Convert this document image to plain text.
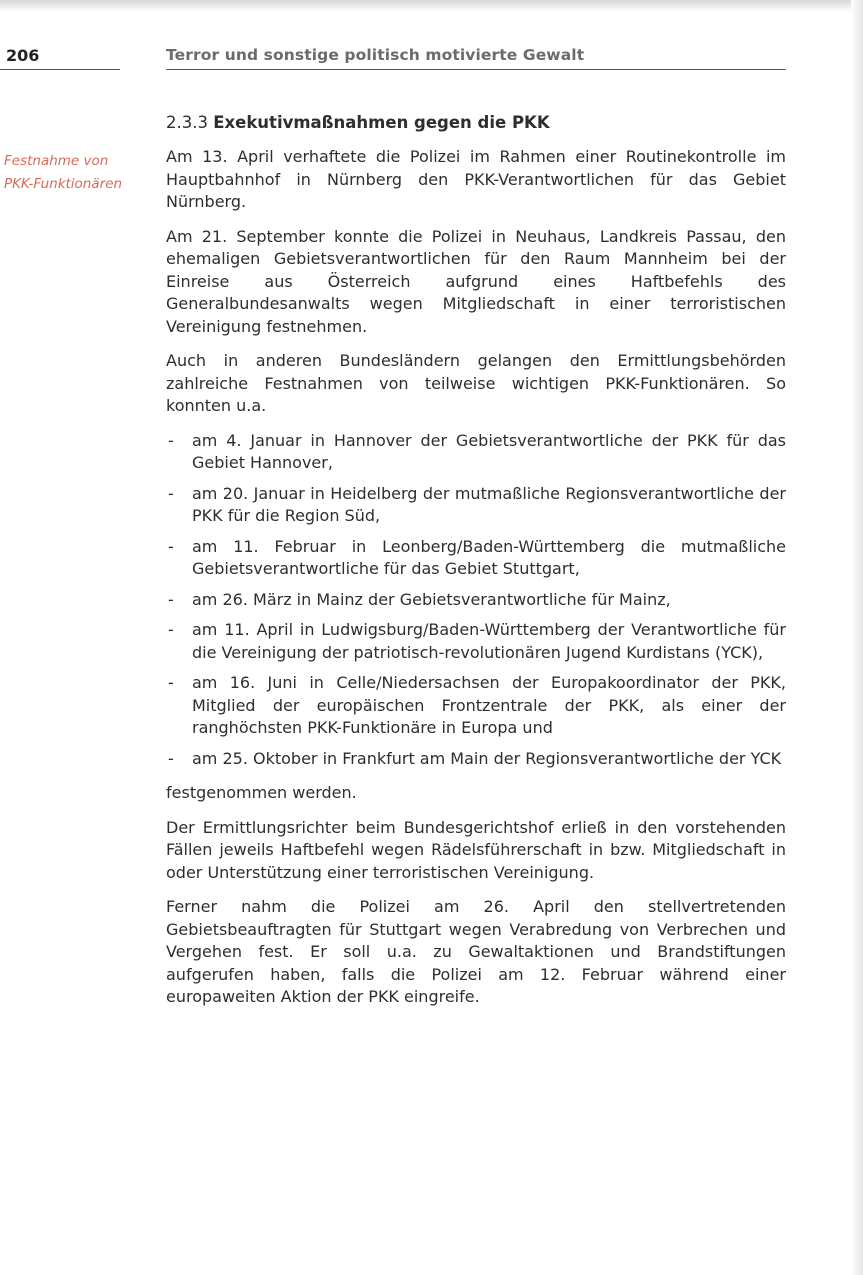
206	Terror und sonstige politisch motivierte Gewalt
Festnahme von
PKK-Funktionären
2.3.3 Exekutivmaßnahmen gegen die PKK

Am 13. April verhaftete die Polizei im Rahmen einer Routinekontrolle im Hauptbahnhof in Nürnberg den PKK-Verantwortlichen für das Gebiet Nürnberg.

Am 21. September konnte die Polizei in Neuhaus, Landkreis Passau, den ehemaligen Gebietsverantwortlichen für den Raum Mannheim bei der Einreise aus Österreich aufgrund eines Haftbefehls des Generalbundesanwalts wegen Mitgliedschaft in einer terroristischen Vereinigung festnehmen.

Auch in anderen Bundesländern gelangen den Ermittlungsbehörden zahlreiche Festnahmen von teilweise wichtigen PKK-Funktionären. So konnten u.a.

- am 4. Januar in Hannover der Gebietsverantwortliche der PKK für das Gebiet Hannover,
- am 20. Januar in Heidelberg der mutmaßliche Regionsverantwortliche der PKK für die Region Süd,
- am 11. Februar in Leonberg/Baden-Württemberg die mutmaßliche Gebietsverantwortliche für das Gebiet Stuttgart,
- am 26. März in Mainz der Gebietsverantwortliche für Mainz,
- am 11. April in Ludwigsburg/Baden-Württemberg der Verantwortliche für die Vereinigung der patriotisch-revolutionären Jugend Kurdistans (YCK),
- am 16. Juni in Celle/Niedersachsen der Europakoordinator der PKK, Mitglied der europäischen Frontzentrale der PKK, als einer der ranghöchsten PKK-Funktionäre in Europa und
- am 25. Oktober in Frankfurt am Main der Regionsverantwortliche der YCK

festgenommen werden.

Der Ermittlungsrichter beim Bundesgerichtshof erließ in den vorstehenden Fällen jeweils Haftbefehl wegen Rädelsführerschaft in bzw. Mitgliedschaft in oder Unterstützung einer terroristischen Vereinigung.

Ferner nahm die Polizei am 26. April den stellvertretenden Gebietsbeauftragten für Stuttgart wegen Verabredung von Verbrechen und Vergehen fest. Er soll u.a. zu Gewaltaktionen und Brandstiftungen aufgerufen haben, falls die Polizei am 12. Februar während einer europaweiten Aktion der PKK eingreife.
